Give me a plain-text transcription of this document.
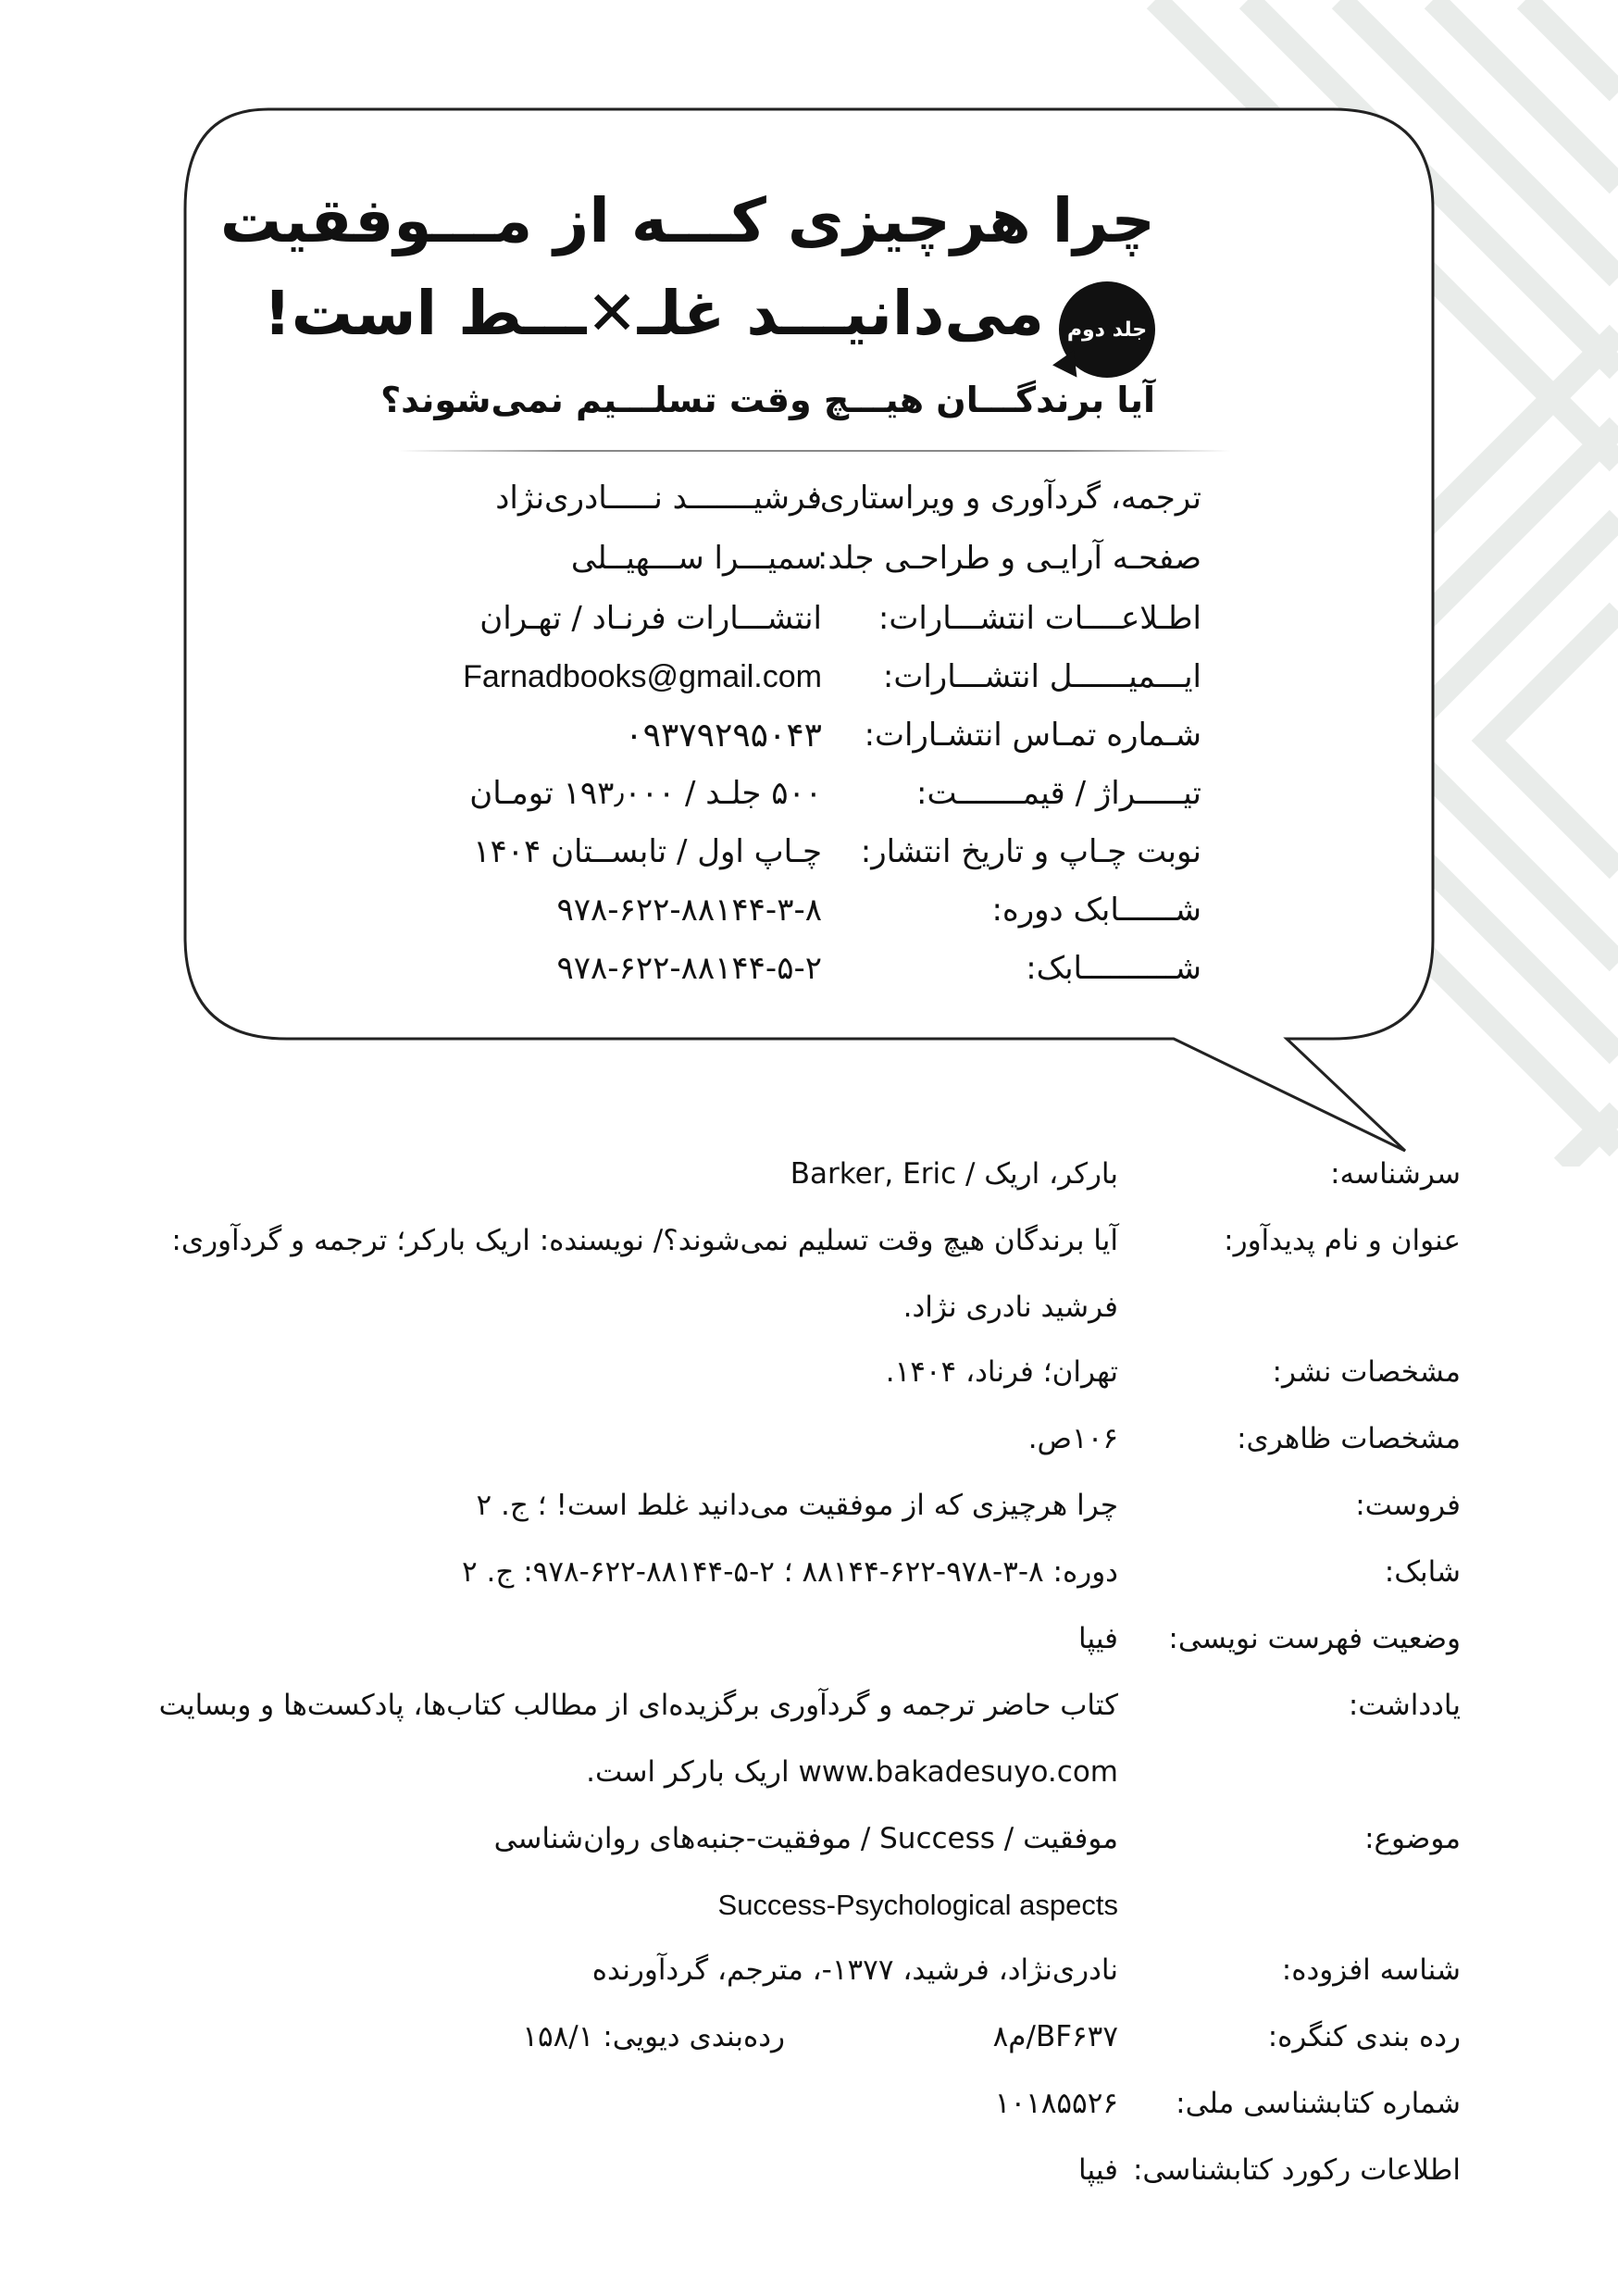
چرا هرچیزی کـــه از مـــوفقیت
می‌دانیـــد غلـ✕ـــط است!	جلد دوم
آیا برندگـــان هیـــچ وقت تسلـــیم نمی‌شوند؟
ترجمه، گردآوری و ویراستاری:
فرشیـــــــد نـــــادری‌نژاد
صفحـه آرایـی و طراحـی جلد:
سمیـــرا ســـهیــلی
اطـلاعــــات انتشـــارات:
انتشـــارات فرنـاد / تهـران
ایـــمیــــــل انتشـــارات:
Farnadbooks@gmail.com
شـماره تمـاس انتشـارات:
۰۹۳۷۹۲۹۵۰۴۳
تیـــــراژ / قیمـــــــت:
۵۰۰ جلـد / ۱۹۳٫۰۰۰ تومـان
نوبت چـاپ و تاریخ انتشار:
چـاپ اول / تابســتان ۱۴۰۴
شــــــابک دوره:
۹۷۸-۶۲۲-۸۸۱۴۴-۳-۸
شــــــــــابک:
۹۷۸-۶۲۲-۸۸۱۴۴-۵-۲
سرشناسه:
بارکر، اریک / Barker, Eric
عنوان و نام پدیدآور:
آیا برندگان هیچ وقت تسلیم نمی‌شوند؟/ نویسنده: اریک بارکر؛ ترجمه و گردآوری:
فرشید نادری نژاد.
مشخصات نشر:
تهران؛ فرناد، ۱۴۰۴.
مشخصات ظاهری:
۱۰۶ص.
فروست:
چرا هرچیزی که از موفقیت می‌دانید غلط است! ؛ ج. ۲
شابک:
دوره: ۸-۳-۹۷۸-۶۲۲-۸۸۱۴۴ ؛ ۲-۵-۸۸۱۴۴-۶۲۲-۹۷۸: ج. ۲
وضعیت فهرست نویسی:
فیپا
یادداشت:
کتاب حاضر ترجمه و گردآوری برگزیده‌ای از مطالب کتاب‌ها، پادکست‌ها و وبسایت
www.bakadesuyo.com اریک بارکر است.
موضوع:
موفقیت / Success / موفقیت-جنبه‌های روان‌شناسی
Success-Psychological aspects
شناسه افزوده:
نادری‌نژاد، فرشید، ۱۳۷۷-، مترجم، گردآورنده
رده بندی کنگره:
BF۶۳۷/م۸
رده‌بندی دیویی: ۱۵۸/۱
شماره کتابشناسی ملی:
۱۰۱۸۵۵۲۶
اطلاعات رکورد کتابشناسی:
فیپا
